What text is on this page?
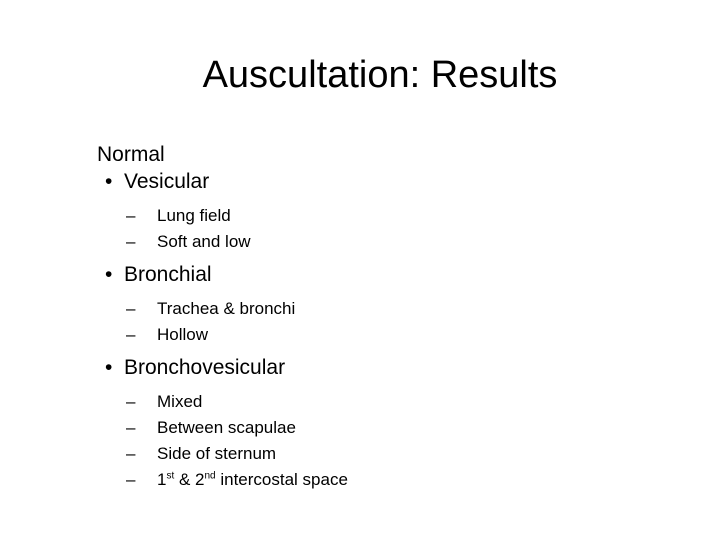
Auscultation: Results
Normal
• Vesicular
– Lung field
– Soft and low
• Bronchial
– Trachea & bronchi
– Hollow
• Bronchovesicular
– Mixed
– Between scapulae
– Side of sternum
– 1st & 2nd intercostal space
